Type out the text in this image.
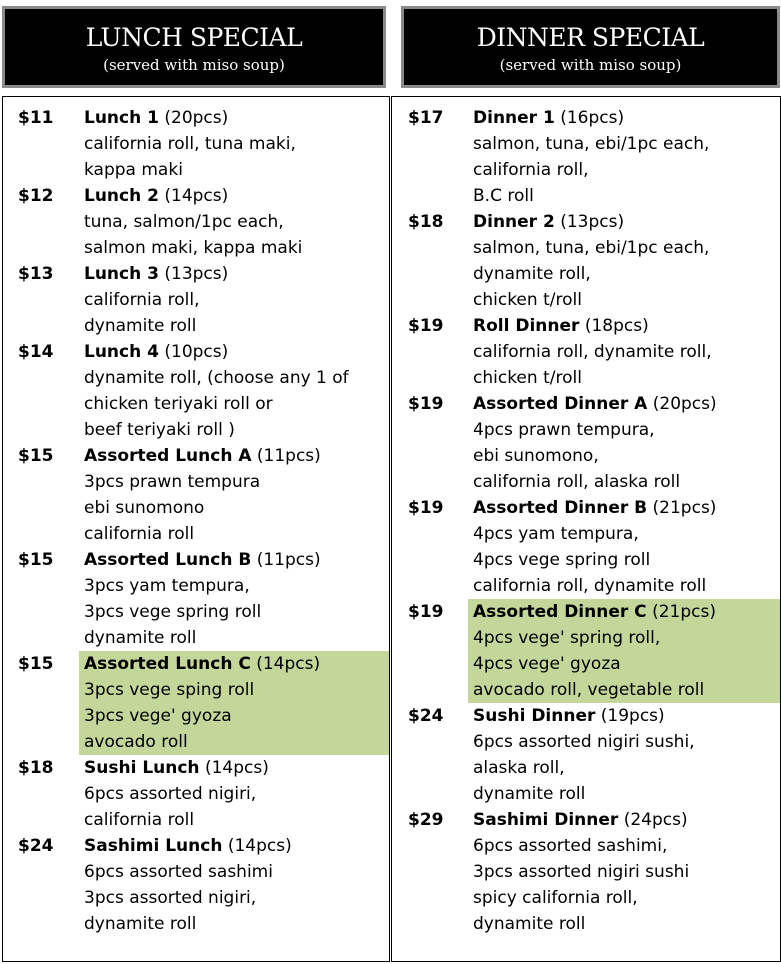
LUNCH SPECIAL
(served with miso soup)
DINNER SPECIAL
(served with miso soup)
$11 Lunch 1 (20pcs)
california roll, tuna maki,
kappa maki
$12 Lunch 2 (14pcs)
tuna, salmon/1pc each,
salmon maki, kappa maki
$13 Lunch 3 (13pcs)
california roll,
dynamite roll
$14 Lunch 4 (10pcs)
dynamite roll, (choose any 1 of
chicken teriyaki roll or
beef teriyaki roll )
$15 Assorted Lunch A (11pcs)
3pcs prawn tempura
ebi sunomono
california roll
$15 Assorted Lunch B (11pcs)
3pcs yam tempura,
3pcs vege spring roll
dynamite roll
$15 Assorted Lunch C (14pcs)
3pcs vege sping roll
3pcs vege' gyoza
avocado roll
$18 Sushi Lunch (14pcs)
6pcs assorted nigiri,
california roll
$24 Sashimi Lunch (14pcs)
6pcs assorted sashimi
3pcs assorted nigiri,
dynamite roll
$17 Dinner 1 (16pcs)
salmon, tuna, ebi/1pc each,
california roll,
B.C roll
$18 Dinner 2 (13pcs)
salmon, tuna, ebi/1pc each,
dynamite roll,
chicken t/roll
$19 Roll Dinner (18pcs)
california roll, dynamite roll,
chicken t/roll
$19 Assorted Dinner A (20pcs)
4pcs prawn tempura,
ebi sunomono,
california roll, alaska roll
$19 Assorted Dinner B (21pcs)
4pcs yam tempura,
4pcs vege spring roll
california roll, dynamite roll
$19 Assorted Dinner C (21pcs)
4pcs vege' spring roll,
4pcs vege' gyoza
avocado roll, vegetable roll
$24 Sushi Dinner (19pcs)
6pcs assorted nigiri sushi,
alaska roll,
dynamite roll
$29 Sashimi Dinner (24pcs)
6pcs assorted sashimi,
3pcs assorted nigiri sushi
spicy california roll,
dynamite roll
